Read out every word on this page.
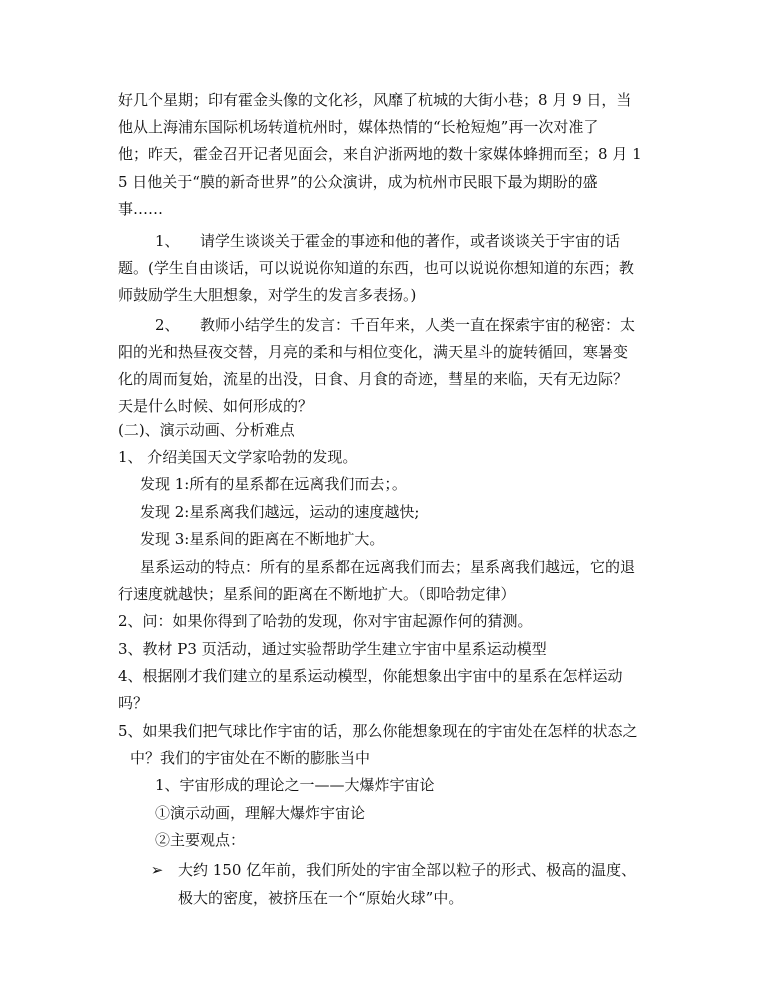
好几个星期；印有霍金头像的文化衫，风靡了杭城的大街小巷；8 月 9 日，当
他从上海浦东国际机场转道杭州时，媒体热情的“长枪短炮”再一次对准了
他；昨天，霍金召开记者见面会，来自沪浙两地的数十家媒体蜂拥而至；8 月 1
5 日他关于“膜的新奇世界”的公众演讲，成为杭州市民眼下最为期盼的盛
事……
1、 请学生谈谈关于霍金的事迹和他的著作，或者谈谈关于宇宙的话
题。(学生自由谈话，可以说说你知道的东西，也可以说说你想知道的东西；教
师鼓励学生大胆想象，对学生的发言多表扬。)
2、 教师小结学生的发言：千百年来，人类一直在探索宇宙的秘密：太
阳的光和热昼夜交替，月亮的柔和与相位变化，满天星斗的旋转循回，寒暑变
化的周而复始，流星的出没，日食、月食的奇迹，彗星的来临，天有无边际？
天是什么时候、如何形成的？
(二)、演示动画、分析难点
1、 介绍美国天文学家哈勃的发现。
发现 1:所有的星系都在远离我们而去；。
发现 2:星系离我们越远，运动的速度越快;
发现 3:星系间的距离在不断地扩大。
星系运动的特点：所有的星系都在远离我们而去；星系离我们越远，它的退
行速度就越快；星系间的距离在不断地扩大。（即哈勃定律）
2、问：如果你得到了哈勃的发现，你对宇宙起源作何的猜测。
3、教材 P3 页活动，通过实验帮助学生建立宇宙中星系运动模型
4、根据刚才我们建立的星系运动模型，你能想象出宇宙中的星系在怎样运动
吗？
5、如果我们把气球比作宇宙的话，那么你能想象现在的宇宙处在怎样的状态之
中？我们的宇宙处在不断的膨胀当中
1、宇宙形成的理论之一——大爆炸宇宙论
①演示动画，理解大爆炸宇宙论
②主要观点：
➢ 大约 150 亿年前，我们所处的宇宙全部以粒子的形式、极高的温度、
极大的密度，被挤压在一个“原始火球”中。
